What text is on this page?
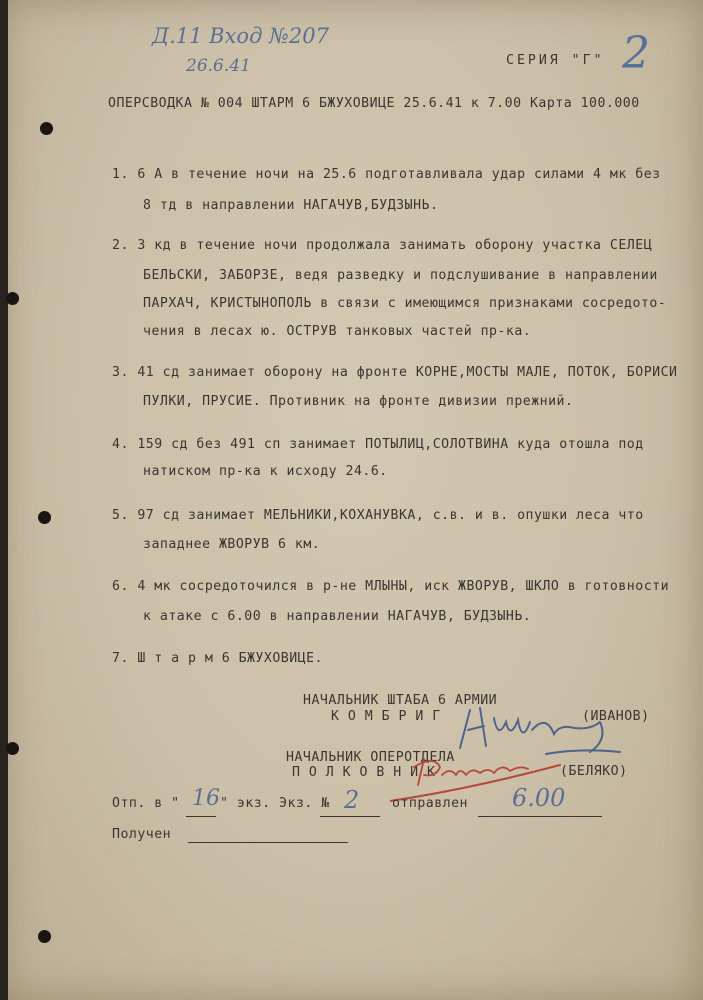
Д.11 Вход №207
26.6.41	СЕРИЯ "Г" 2
ОПЕРСВОДКА № 004 ШТАРМ 6 БЖУХОВИЦЕ 25.6.41 к 7.00 Карта 100.000
1. 6 А в течение ночи на 25.6 подготавливала удар силами 4 мк без
8 тд в направлении НАГАЧУВ,БУДЗЫНЬ.
2. 3 кд в течение ночи продолжала занимать оборону участка СЕЛЕЦ
БЕЛЬСКИ, ЗАБОРЗЕ, ведя разведку и подслушивание в направлении
ПАРХАЧ, КРИСТЫНОПОЛЬ в связи с имеющимся признаками сосредото-
чения в лесах ю. ОСТРУВ танковых частей пр-ка.
3. 41 сд занимает оборону на фронте КОРНЕ,МОСТЫ МАЛЕ, ПОТОК, БОРИСИ
ПУЛКИ, ПРУСИЕ. Противник на фронте дивизии прежний.
4. 159 сд без 491 сп занимает ПОТЫЛИЦ,СОЛОТВИНА куда отошла под
натиском пр-ка к исходу 24.6.
5. 97 сд занимает МЕЛЬНИКИ,КОХАНУВКА, с.в. и в. опушки леса что
западнее ЖВОРУВ 6 км.
6. 4 мк сосредоточился в р-не МЛЫНЫ, иск ЖВОРУВ, ШКЛО в готовности
к атаке с 6.00 в направлении НАГАЧУВ, БУДЗЫНЬ.
7. Ш т а р м 6 БЖУХОВИЦЕ.
НАЧАЛЬНИК ШТАБА 6 АРМИИ
К О М Б Р И Г	(ИВАНОВ)
НАЧАЛЬНИК ОПЕРОТДЕЛА
П О Л К О В Н И К	(БЕЛЯКО)
Отп. в " 16 " экз. Экз. № 2 отправлен 6.00
Получен
